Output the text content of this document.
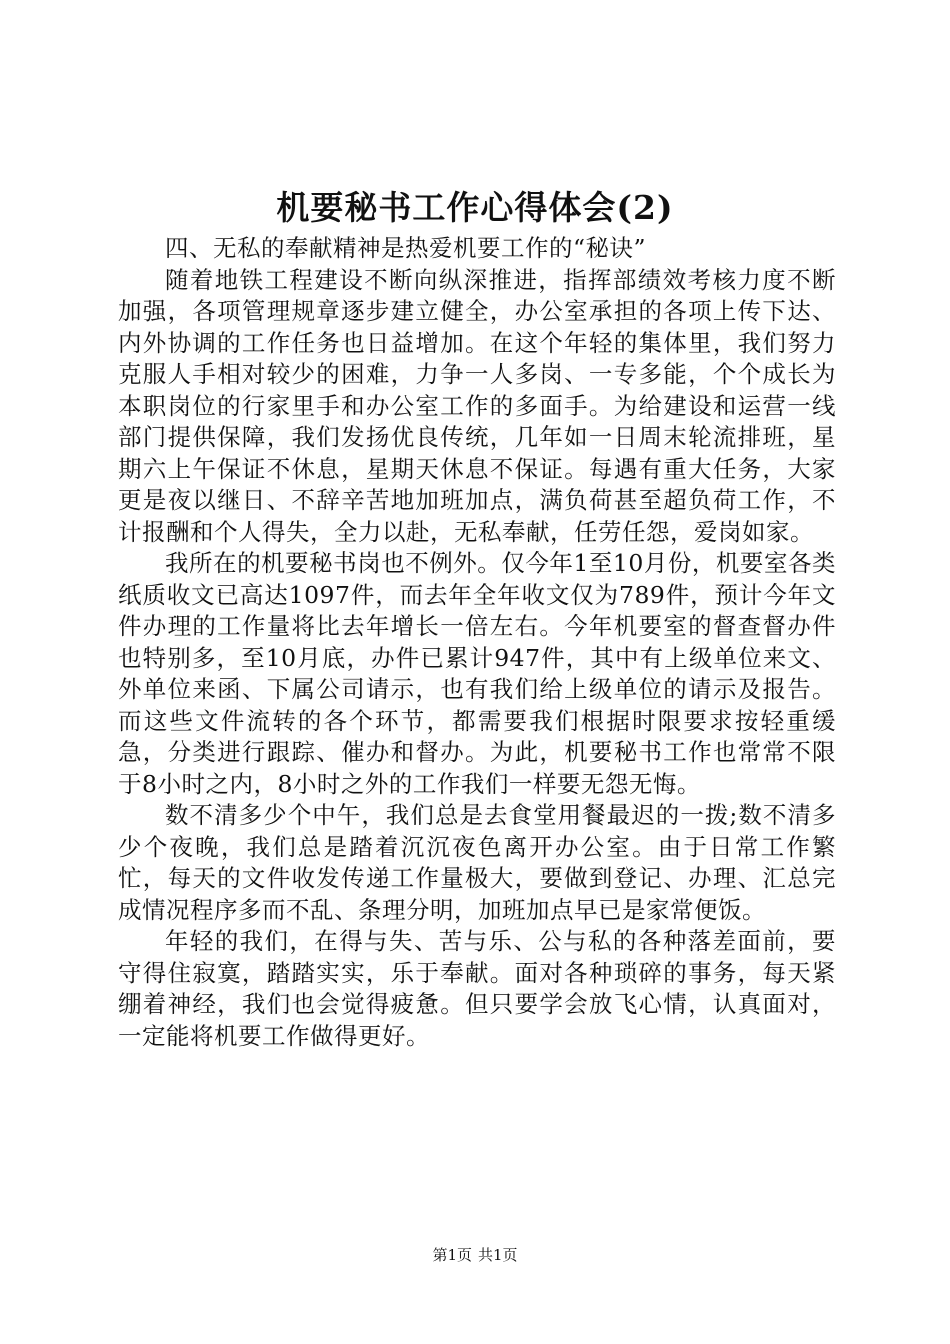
机要秘书工作心得体会(2)

四、无私的奉献精神是热爱机要工作的“秘诀”

随着地铁工程建设不断向纵深推进，指挥部绩效考核力度不断加强，各项管理规章逐步建立健全，办公室承担的各项上传下达、内外协调的工作任务也日益增加。在这个年轻的集体里，我们努力克服人手相对较少的困难，力争一人多岗、一专多能，个个成长为本职岗位的行家里手和办公室工作的多面手。为给建设和运营一线部门提供保障，我们发扬优良传统，几年如一日周末轮流排班，星期六上午保证不休息，星期天休息不保证。每遇有重大任务，大家更是夜以继日、不辞辛苦地加班加点，满负荷甚至超负荷工作，不计报酬和个人得失，全力以赴，无私奉献，任劳任怨，爱岗如家。

我所在的机要秘书岗也不例外。仅今年1至10月份，机要室各类纸质收文已高达1097件，而去年全年收文仅为789件，预计今年文件办理的工作量将比去年增长一倍左右。今年机要室的督查督办件也特别多，至10月底，办件已累计947件，其中有上级单位来文、外单位来函、下属公司请示，也有我们给上级单位的请示及报告。而这些文件流转的各个环节，都需要我们根据时限要求按轻重缓急，分类进行跟踪、催办和督办。为此，机要秘书工作也常常不限于8小时之内，8小时之外的工作我们一样要无怨无悔。

数不清多少个中午，我们总是去食堂用餐最迟的一拨;数不清多少个夜晚，我们总是踏着沉沉夜色离开办公室。由于日常工作繁忙，每天的文件收发传递工作量极大，要做到登记、办理、汇总完成情况程序多而不乱、条理分明，加班加点早已是家常便饭。

年轻的我们，在得与失、苦与乐、公与私的各种落差面前，要守得住寂寞，踏踏实实，乐于奉献。面对各种琐碎的事务，每天紧绷着神经，我们也会觉得疲惫。但只要学会放飞心情，认真面对，一定能将机要工作做得更好。

第1页 共1页
